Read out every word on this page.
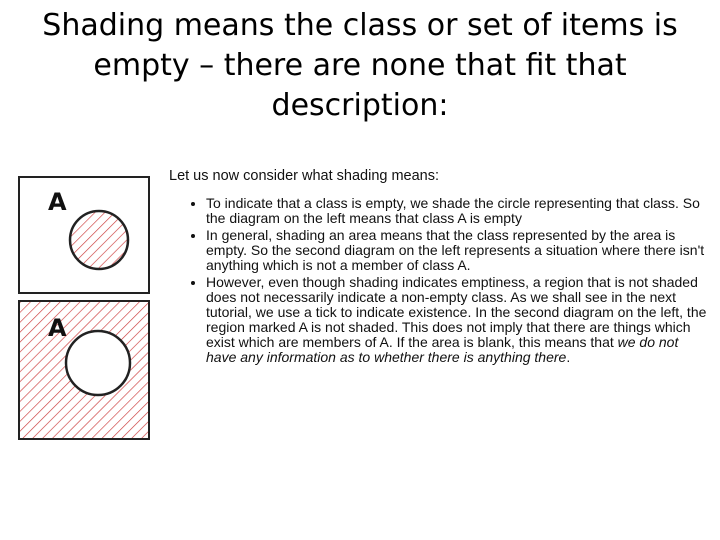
Shading means the class or set of items is empty – there are none that fit that description:
A
A

Let us now consider what shading means:

• To indicate that a class is empty, we shade the circle representing that class. So the diagram on the left means that class A is empty
• In general, shading an area means that the class represented by the area is empty. So the second diagram on the left represents a situation where there isn't anything which is not a member of class A.
• However, even though shading indicates emptiness, a region that is not shaded does not necessarily indicate a non-empty class. As we shall see in the next tutorial, we use a tick to indicate existence. In the second diagram on the left, the region marked A is not shaded. This does not imply that there are things which exist which are members of A. If the area is blank, this means that we do not have any information as to whether there is anything there.
